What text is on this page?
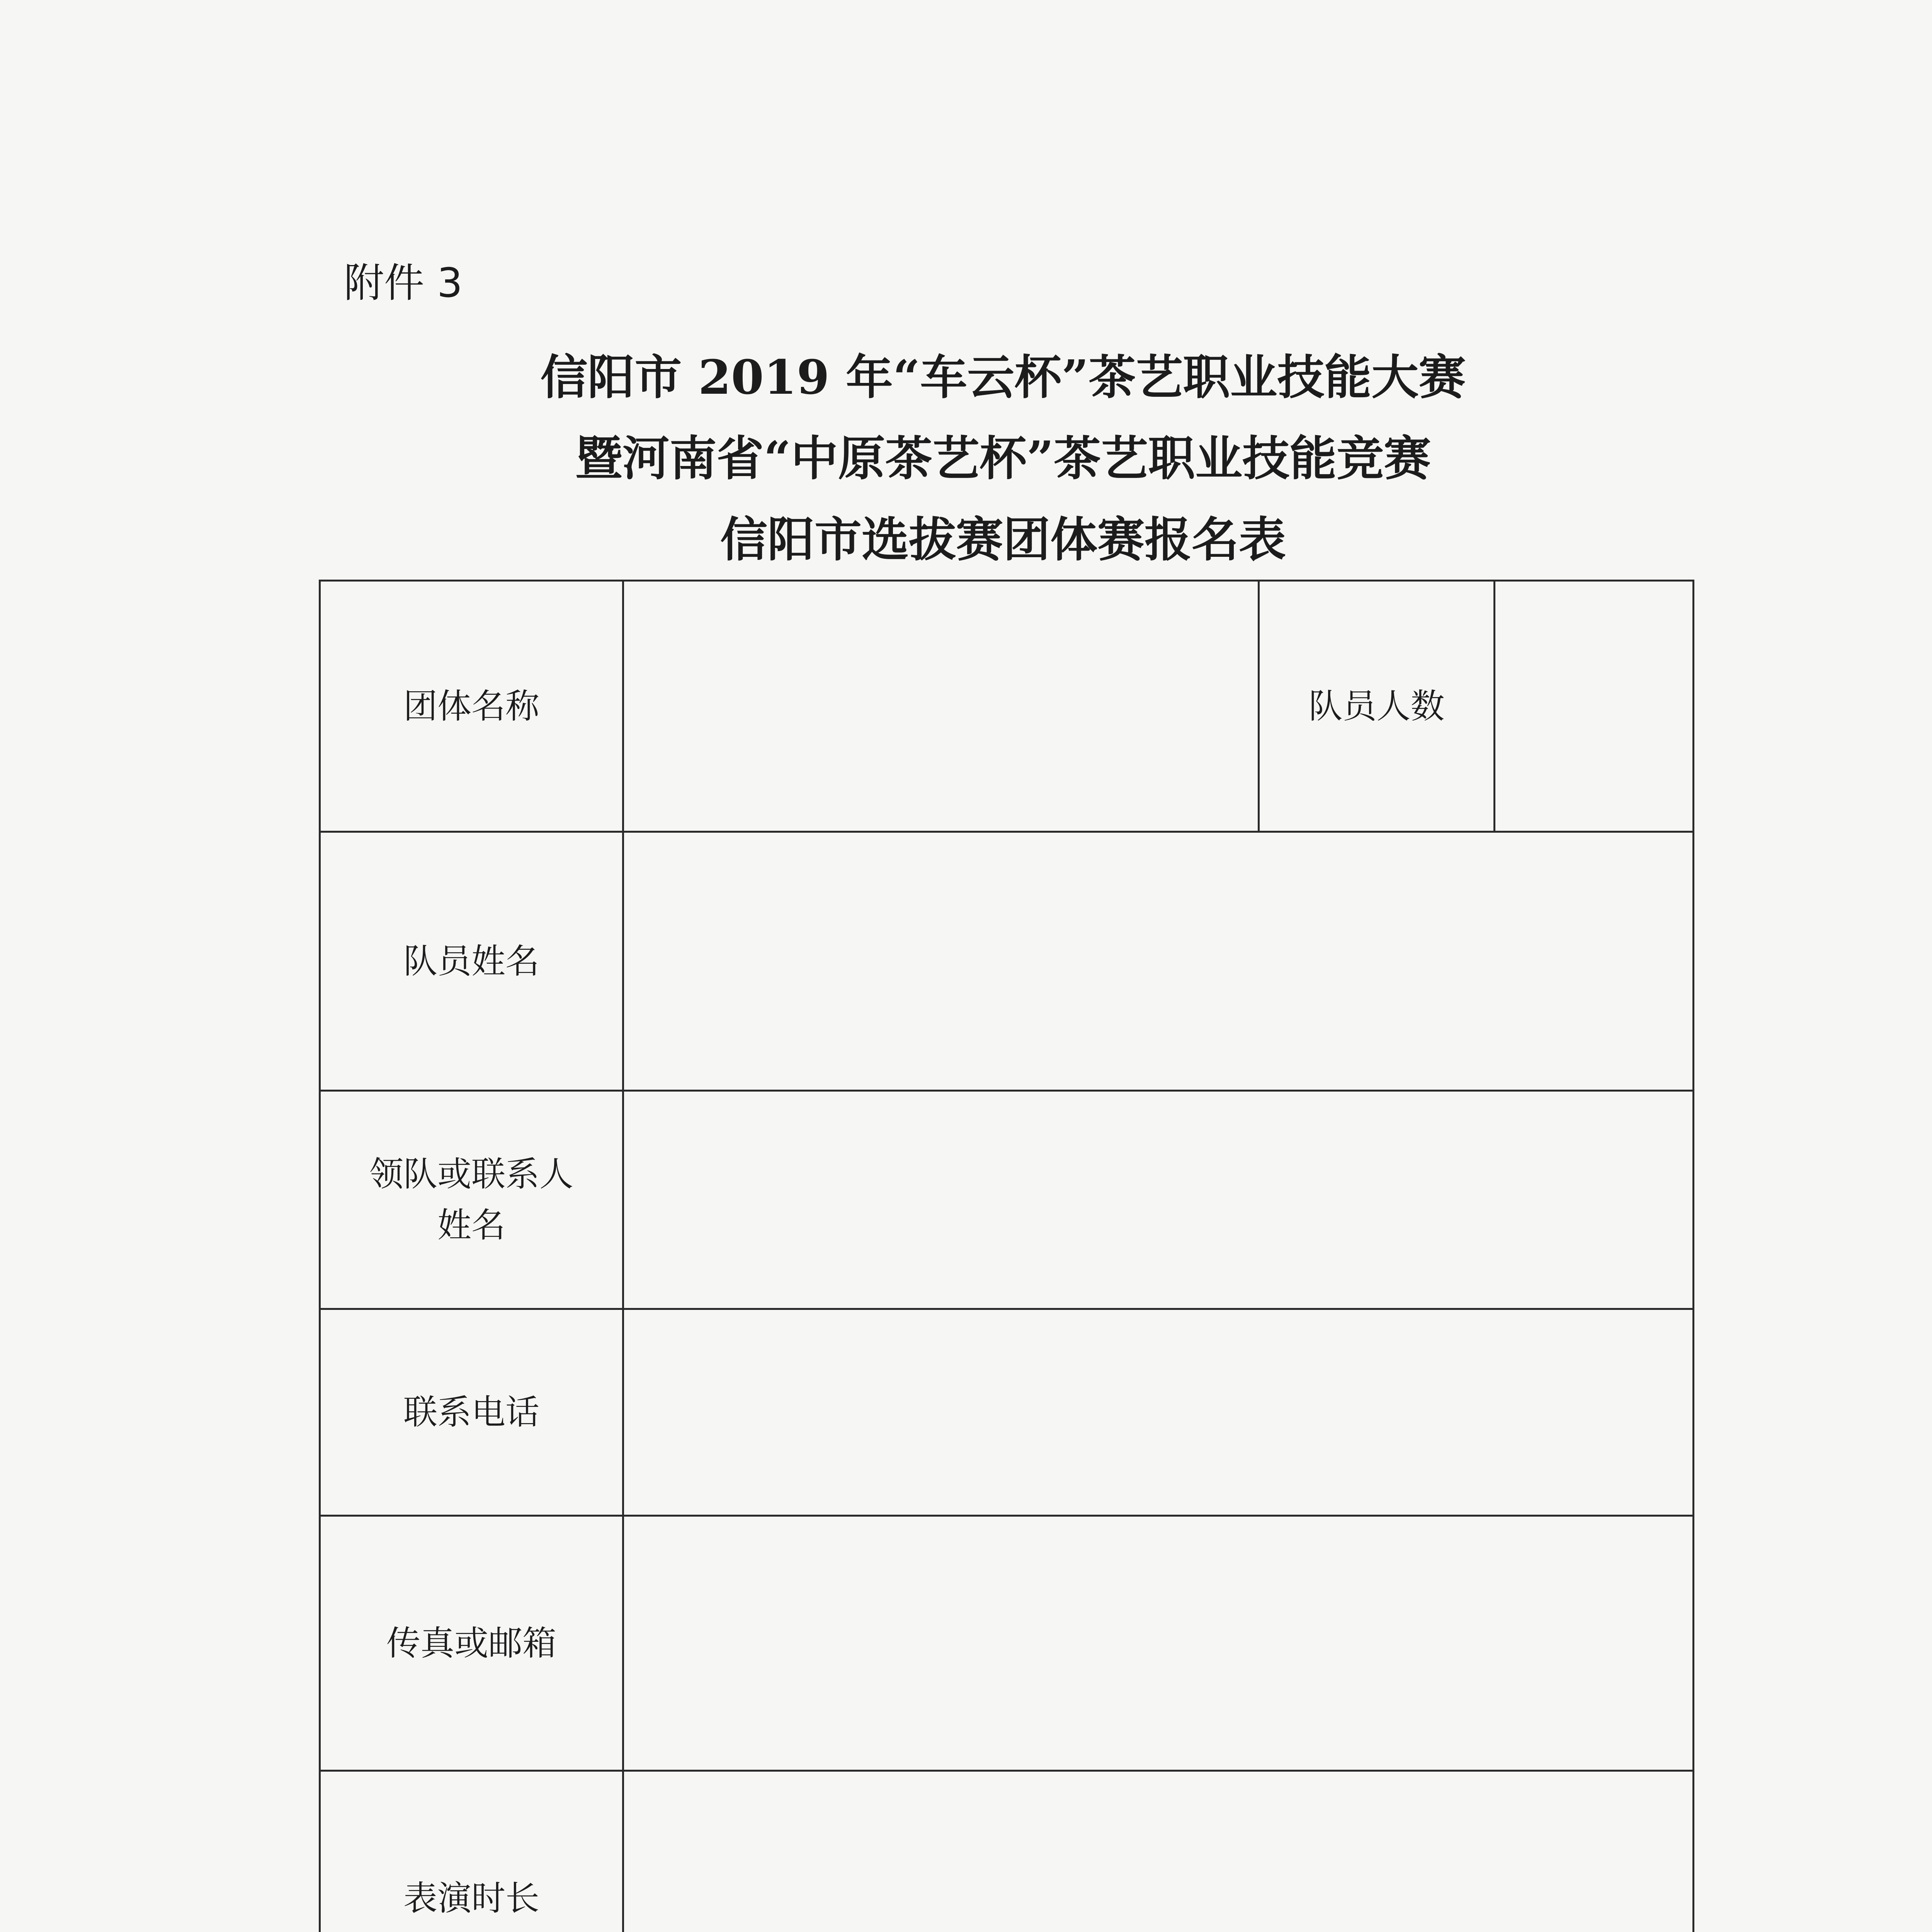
附件 3
信阳市 2019 年“车云杯”茶艺职业技能大赛
暨河南省“中原茶艺杯”茶艺职业技能竞赛
信阳市选拔赛团体赛报名表
团体名称		队员人数	
队员姓名			
领队或联系人
姓名			
联系电话			
传真或邮箱			
表演时长			
